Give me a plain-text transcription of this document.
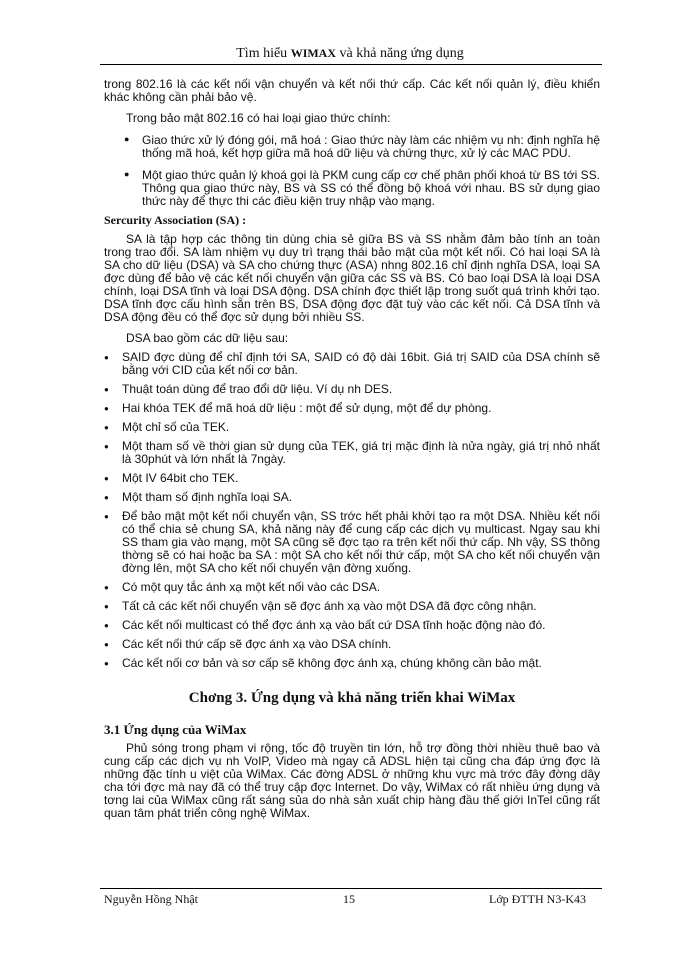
Tìm hiểu WIMAX và khả năng ứng dụng

trong 802.16 là các kết nối vận chuyển và kết nối thứ cấp. Các kết nối quản lý, điều khiển khác không cần phải bảo vệ.

Trong bảo mật 802.16 có hai loại giao thức chính:

● Giao thức xử lý đóng gói, mã hoá : Giao thức này làm các nhiệm vụ nh: định nghĩa hệ thống mã hoá, kết hợp giữa mã hoá dữ liệu và chứng thực, xử lý các MAC PDU.
● Một giao thức quản lý khoá gọi là PKM cung cấp cơ chế phân phối khoá từ BS tới SS. Thông qua giao thức này, BS và SS có thể đồng bộ khoá với nhau. BS sử dụng giao thức này để thực thi các điều kiện truy nhập vào mạng.
Sercurity Association (SA) :

SA là tập hợp các thông tin dùng chia sẻ giữa BS và SS nhằm đảm bảo tính an toàn trong trao đổi. SA làm nhiệm vụ duy trì trạng thái bảo mật của một kết nối. Có hai loại SA là SA cho dữ liệu (DSA) và SA cho chứng thực (ASA) nhng 802.16 chỉ định nghĩa DSA, loại SA đợc dùng để bảo vệ các kết nối chuyển vận giữa các SS và BS. Có bao loại DSA là loại DSA chính, loại DSA tĩnh và loại DSA động. DSA chính đợc thiết lập trong suốt quá trình khởi tạo. DSA tĩnh đợc cấu hình sẵn trên BS, DSA động đợc đặt tuỳ vào các kết nối. Cả DSA tĩnh và DSA động đều có thể đợc sử dụng bởi nhiều SS.

DSA bao gồm các dữ liệu sau:

● SAID đợc dùng để chỉ định tới SA, SAID có độ dài 16bit. Giá trị SAID của DSA chính sẽ bằng với CID của kết nối cơ bản.
● Thuật toán dùng để trao đổi dữ liệu. Ví dụ nh DES.
● Hai khóa TEK để mã hoá dữ liệu : một để sử dụng, một để dự phòng.
● Một chỉ số của TEK.
● Một tham số về thời gian sử dụng của TEK, giá trị mặc định là nửa ngày, giá trị nhỏ nhất là 30phút và lớn nhất là 7ngày.
● Một IV 64bit cho TEK.
● Một tham số định nghĩa loại SA.
● Để bảo mật một kết nối chuyển vận, SS trớc hết phải khởi tạo ra một DSA. Nhiều kết nối có thể chia sẻ chung SA, khả năng này để cung cấp các dịch vụ multicast. Ngay sau khi SS tham gia vào mạng, một SA cũng sẽ đợc tạo ra trên kết nối thứ cấp. Nh vậy, SS thông thờng sẽ có hai hoặc ba SA : một SA cho kết nối thứ cấp, một SA cho kết nối chuyển vận đờng lên, một SA cho kết nối chuyển vận đờng xuống.
● Có một quy tắc ánh xạ một kết nối vào các DSA.
● Tất cả các kết nối chuyển vận sẽ đợc ánh xạ vào một DSA đã đợc công nhận.
● Các kết nối multicast có thể đợc ánh xạ vào bất cứ DSA tĩnh hoặc động nào đó.
● Các kết nối thứ cấp sẽ đợc ánh xạ vào DSA chính.
● Các kết nối cơ bản và sơ cấp sẽ không đợc ánh xạ, chúng không cần bảo mật.
Chơng 3. Ứng dụng và khả năng triển khai WiMax
3.1 Ứng dụng của WiMax

Phủ sóng trong phạm vi rộng, tốc độ truyền tin lớn, hỗ trợ đồng thời nhiều thuê bao và cung cấp các dịch vụ nh VoIP, Video mà ngay cả ADSL hiện tại cũng cha đáp ứng đợc là những đặc tính u việt của WiMax. Các đờng ADSL ở những khu vực mà trớc đây đờng dây cha tới đợc mà nay đã có thể truy cập đợc Internet. Do vậy, WiMax có rất nhiều ứng dụng và tơng lai của WiMax cũng rất sáng sủa do nhà sản xuất chip hàng đầu thế giới InTel cũng rất quan tâm phát triển công nghệ WiMax.

Nguyễn Hồng Nhật	15	Lớp ĐTTH N3-K43
